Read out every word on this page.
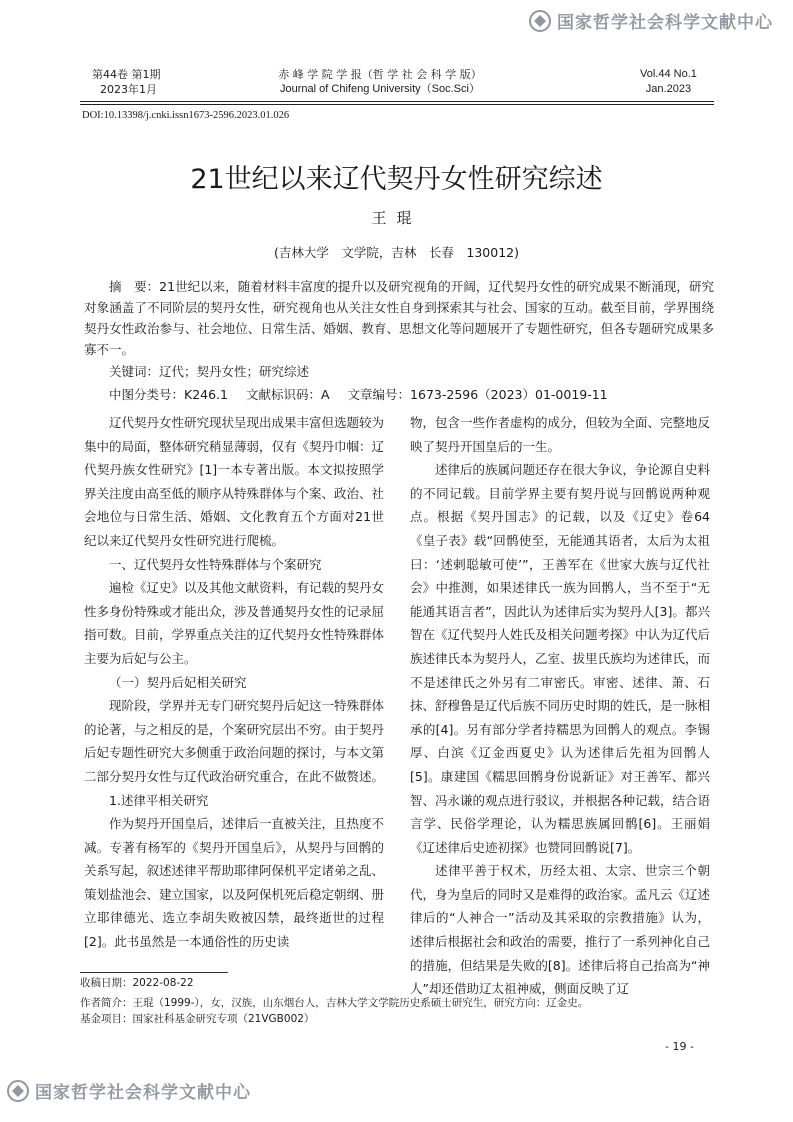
国家哲学社会科学文献中心
第44卷 第1期
2023年1月
赤 峰 学 院 学 报（哲 学 社 会 科 学 版）
Journal of Chifeng University（Soc.Sci）
Vol.44 No.1
Jan.2023
DOI:10.13398/j.cnki.issn1673-2596.2023.01.026
21世纪以来辽代契丹女性研究综述
王琨
(吉林大学　文学院，吉林　长春　130012)

摘　要：21世纪以来，随着材料丰富度的提升以及研究视角的开阔，辽代契丹女性的研究成果不断涌现，研究对象涵盖了不同阶层的契丹女性，研究视角也从关注女性自身到探索其与社会、国家的互动。截至目前，学界围绕契丹女性政治参与、社会地位、日常生活、婚姻、教育、思想文化等问题展开了专题性研究，但各专题研究成果多寡不一。

关键词：辽代；契丹女性；研究综述
中图分类号：K246.1 文献标识码：A 文章编号：1673-2596（2023）01-0019-11

辽代契丹女性研究现状呈现出成果丰富但选题较为集中的局面，整体研究稍显薄弱，仅有《契丹巾帼：辽代契丹族女性研究》[1]一本专著出版。本文拟按照学界关注度由高至低的顺序从特殊群体与个案、政治、社会地位与日常生活、婚姻、文化教育五个方面对21世纪以来辽代契丹女性研究进行爬梳。

一、辽代契丹女性特殊群体与个案研究

遍检《辽史》以及其他文献资料，有记载的契丹女性多身份特殊或才能出众，涉及普通契丹女性的记录屈指可数。目前，学界重点关注的辽代契丹女性特殊群体主要为后妃与公主。

（一）契丹后妃相关研究

现阶段，学界并无专门研究契丹后妃这一特殊群体的论著，与之相反的是，个案研究层出不穷。由于契丹后妃专题性研究大多侧重于政治问题的探讨，与本文第二部分契丹女性与辽代政治研究重合，在此不做赘述。

1.述律平相关研究

作为契丹开国皇后，述律后一直被关注，且热度不减。专著有杨军的《契丹开国皇后》，从契丹与回鹘的关系写起，叙述述律平帮助耶律阿保机平定诸弟之乱、策划盐池会、建立国家，以及阿保机死后稳定朝纲、册立耶律德光、选立李胡失败被囚禁，最终逝世的过程[2]。此书虽然是一本通俗性的历史读

物，包含一些作者虚构的成分，但较为全面、完整地反映了契丹开国皇后的一生。

述律后的族属问题还存在很大争议，争论源自史料的不同记载。目前学界主要有契丹说与回鹘说两种观点。根据《契丹国志》的记载，以及《辽史》卷64《皇子表》载“回鹘使至，无能通其语者，太后为太祖曰：‘述剌聪敏可使’”，王善军在《世家大族与辽代社会》中推测，如果述律氏一族为回鹘人，当不至于“无能通其语言者”，因此认为述律后实为契丹人[3]。都兴智在《辽代契丹人姓氏及相关问题考探》中认为辽代后族述律氏本为契丹人，乙室、拔里氏族均为述律氏，而不是述律氏之外另有二审密氏。审密、述律、萧、石抹、舒穆鲁是辽代后族不同历史时期的姓氏，是一脉相承的[4]。另有部分学者持糯思为回鹘人的观点。李锡厚、白滨《辽金西夏史》认为述律后先祖为回鹘人[5]。康建国《糯思回鹘身份说新证》对王善军、都兴智、冯永谦的观点进行驳议，并根据各种记载，结合语言学、民俗学理论，认为糯思族属回鹘[6]。王丽娟《辽述律后史迹初探》也赞同回鹘说[7]。

述律平善于权术，历经太祖、太宗、世宗三个朝代，身为皇后的同时又是难得的政治家。孟凡云《辽述律后的“人神合一”活动及其采取的宗教措施》认为，述律后根据社会和政治的需要，推行了一系列神化自己的措施，但结果是失败的[8]。述律后将自己抬高为“神人”却还借助辽太祖神威，侧面反映了辽

收稿日期：2022-08-22
作者简介：王琨（1999-），女，汉族，山东烟台人，吉林大学文学院历史系硕士研究生，研究方向：辽金史。
基金项目：国家社科基金研究专项（21VGB002）
- 19 -
国家哲学社会科学文献中心
